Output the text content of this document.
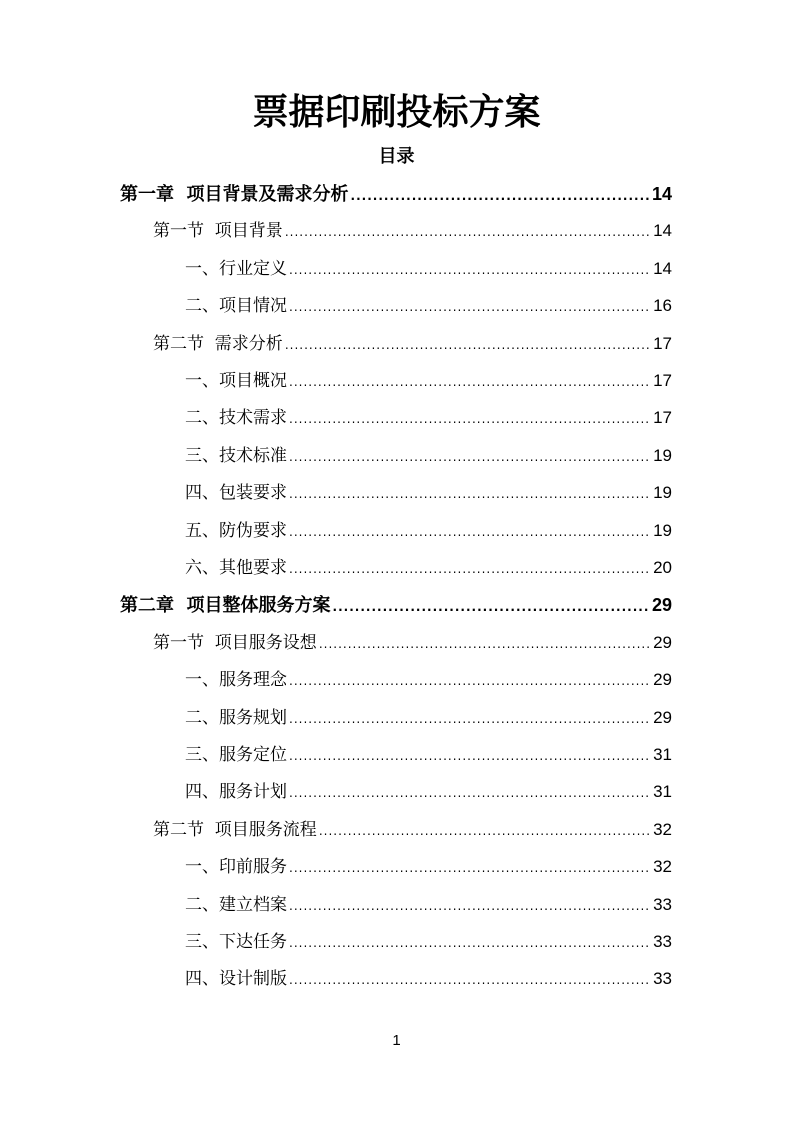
票据印刷投标方案
目录
第一章  项目背景及需求分析 .....	14
第一节  项目背景 .....	14
一、行业定义 .....	14
二、项目情况 .....	16
第二节  需求分析 .....	17
一、项目概况 .....	17
二、技术需求 .....	17
三、技术标准 .....	19
四、包装要求 .....	19
五、防伪要求 .....	19
六、其他要求 .....	20
第二章  项目整体服务方案 .....	29
第一节  项目服务设想 .....	29
一、服务理念 .....	29
二、服务规划 .....	29
三、服务定位 .....	31
四、服务计划 .....	31
第二节  项目服务流程 .....	32
一、印前服务 .....	32
二、建立档案 .....	33
三、下达任务 .....	33
四、设计制版 .....	33
1
